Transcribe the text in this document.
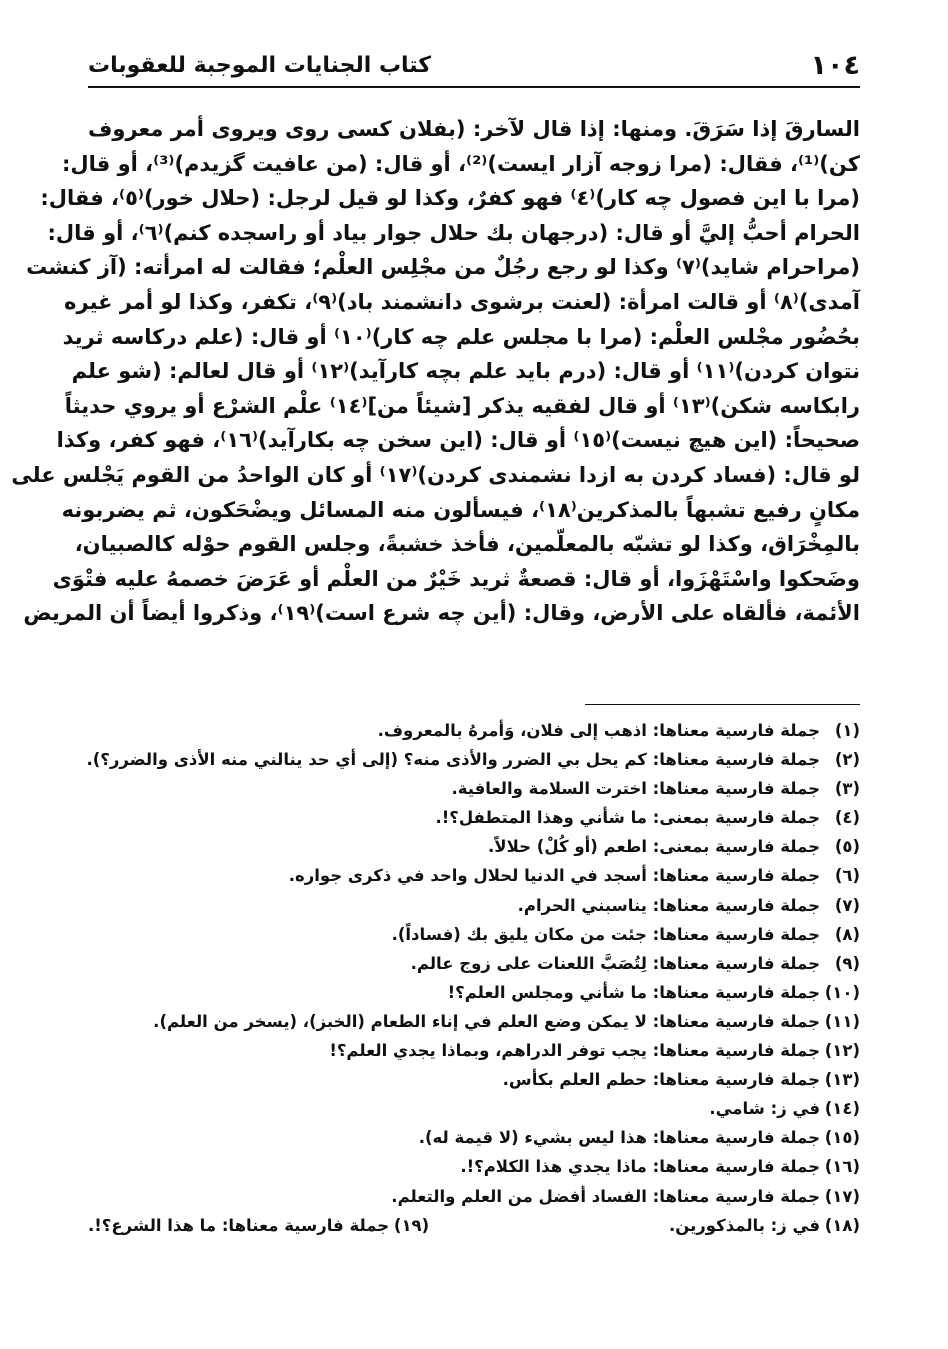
١٠٤
كتاب الجنايات الموجبة للعقوبات
السارقَ إذا سَرَقَ. ومنها: إذا قال لآخر: (بفلان كسى روى ويروى أمر معروف
كن)⁽¹⁾، فقال: (مرا زوجه آزار ايست)⁽²⁾، أو قال: (من عافيت گزيدم)⁽³⁾، أو قال:
(مرا با اين فصول چه كار)⁽٤⁾ فهو كفرٌ، وكذا لو قيل لرجل: (حلال خور)⁽٥⁾، فقال:
الحرام أحبُّ إليَّ أو قال: (درجهان بك حلال جوار بياد أو راسجده كنم)⁽٦⁾، أو قال:
(مراحرام شايد)⁽٧⁾ وكذا لو رجع رجُلٌ من مجْلِس العلْم؛ فقالت له امرأته: (آز كنشت
آمدى)⁽٨⁾ أو قالت امرأة: (لعنت برشوى دانشمند باد)⁽٩⁾، تكفر، وكذا لو أمر غيره
بحُضُور مجْلس العلْم: (مرا با مجلس علم چه كار)⁽١٠⁾ أو قال: (علم دركاسه ثريد
نتوان كردن)⁽١١⁾ أو قال: (درم بايد علم بچه كارآيد)⁽١٢⁾ أو قال لعالم: (شو علم
رابكاسه شكن)⁽١٣⁾ أو قال لفقيه يذكر [شيئاً من]⁽١٤⁾ علْم الشرْع أو يروي حديثاً
صحيحاً: (اين هيچ نيست)⁽١٥⁾ أو قال: (اين سخن چه بكارآيد)⁽١٦⁾، فهو كفر، وكذا
لو قال: (فساد كردن به ازدا نشمندى كردن)⁽١٧⁾ أو كان الواحدُ من القوم يَجْلس على
مكانٍ رفيع تشبهاً بالمذكرين⁽١٨⁾، فيسألون منه المسائل ويضْحَكون، ثم يضربونه
بالمِخْرَاق، وكذا لو تشبّه بالمعلّمين، فأخذ خشبةً، وجلس القوم حوْله كالصبيان،
وضَحكوا واسْتَهْزَوا، أو قال: قصعةٌ ثريد خَيْرٌ من العلْم أو عَرَضَ خصمهُ عليه فتْوَى
الأئمة، فألقاه على الأرض، وقال: (أين چه شرع است)⁽١٩⁾، وذكروا أيضاً أن المريض
(١)
جملة فارسية معناها: اذهب إلى فلان، وَأمرهُ بالمعروف.
(٢)
جملة فارسية معناها: كم يحل بي الضرر والأذى منه؟ (إلى أي حد ينالني منه الأذى والضرر؟).
(٣)
جملة فارسية معناها: اخترت السلامة والعافية.
(٤)
جملة فارسية بمعنى: ما شأني وهذا المتطفل؟!.
(٥)
جملة فارسية بمعنى: اطعم (أو كُلْ) حلالاً.
(٦)
جملة فارسية معناها: أسجد في الدنيا لحلال واحد في ذكرى جواره.
(٧)
جملة فارسية معناها: يناسبني الحرام.
(٨)
جملة فارسية معناها: جئت من مكان يليق بك (فساداً).
(٩)
جملة فارسية معناها: لِتُصَبَّ اللعنات على زوج عالم.
(١٠)
جملة فارسية معناها: ما شأني ومجلس العلم؟!
(١١)
جملة فارسية معناها: لا يمكن وضع العلم في إناء الطعام (الخبز)، (يسخر من العلم).
(١٢)
جملة فارسية معناها: يجب توفر الدراهم، وبماذا يجدي العلم؟!
(١٣)
جملة فارسية معناها: حطم العلم بكأس.
(١٤)
في ز: شامي.
(١٥)
جملة فارسية معناها: هذا ليس بشيء (لا قيمة له).
(١٦)
جملة فارسية معناها: ماذا يجدي هذا الكلام؟!.
(١٧)
جملة فارسية معناها: الفساد أفضل من العلم والتعلم.
(١٨)
في ز: بالمذكورين.
(١٩)
جملة فارسية معناها: ما هذا الشرع؟!.
